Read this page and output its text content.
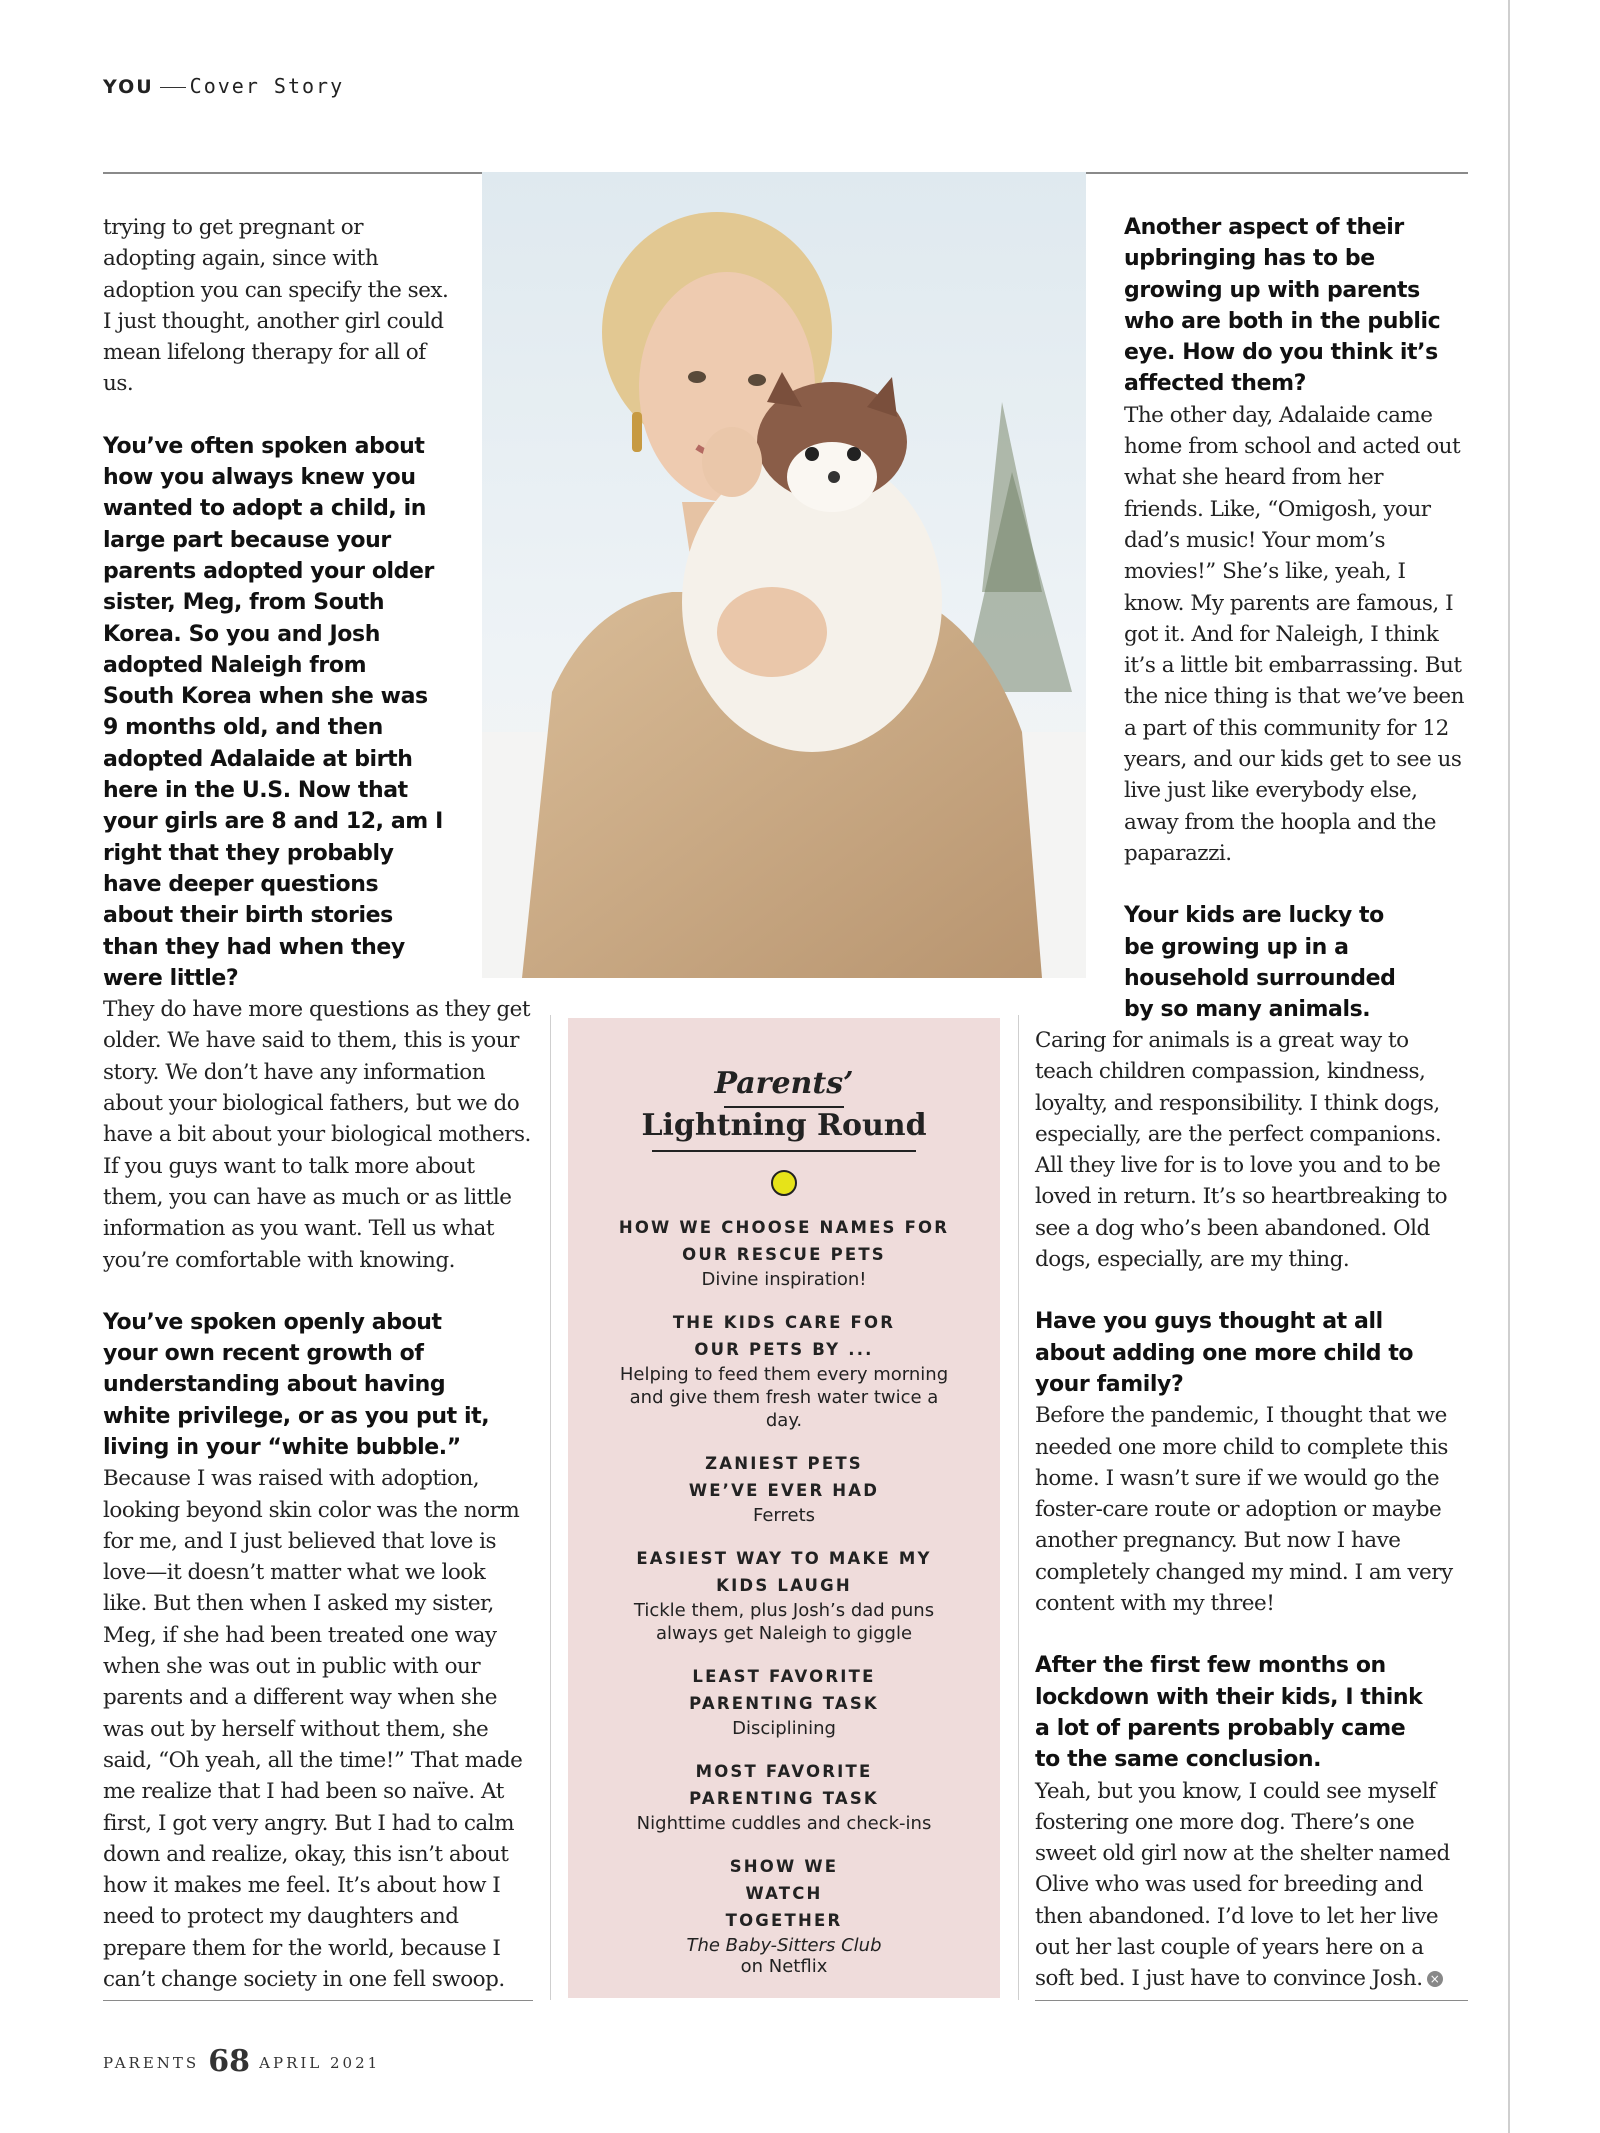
YOU Cover Story

trying to get pregnant or adopting again, since with adoption you can specify the sex. I just thought, another girl could mean lifelong therapy for all of us.

You’ve often spoken about how you always knew you wanted to adopt a child, in large part because your parents adopted your older sister, Meg, from South Korea. So you and Josh adopted Naleigh from South Korea when she was 9 months old, and then adopted Adalaide at birth here in the U.S. Now that your girls are 8 and 12, am I right that they probably have deeper questions about their birth stories than they had when they were little?

They do have more questions as they get older. We have said to them, this is your story. We don’t have any information about your biological fathers, but we do have a bit about your biological mothers. If you guys want to talk more about them, you can have as much or as little information as you want. Tell us what you’re comfortable with knowing.

You’ve spoken openly about your own recent growth of understanding about having white privilege, or as you put it, living in your “white bubble.”

Because I was raised with adoption, looking beyond skin color was the norm for me, and I just believed that love is love—it doesn’t matter what we look like. But then when I asked my sister, Meg, if she had been treated one way when she was out in public with our parents and a different way when she was out by herself without them, she said, “Oh yeah, all the time!” That made me realize that I had been so naïve. At first, I got very angry. But I had to calm down and realize, okay, this isn’t about how it makes me feel. It’s about how I need to protect my daughters and prepare them for the world, because I can’t change society in one fell swoop.

Another aspect of their upbringing has to be growing up with parents who are both in the public eye. How do you think it’s affected them?

The other day, Adalaide came home from school and acted out what she heard from her friends. Like, “Omigosh, your dad’s music! Your mom’s movies!” She’s like, yeah, I know. My parents are famous, I got it. And for Naleigh, I think it’s a little bit embarrassing. But the nice thing is that we’ve been a part of this community for 12 years, and our kids get to see us live just like everybody else, away from the hoopla and the paparazzi.

Your kids are lucky to be growing up in a household surrounded by so many animals.

Caring for animals is a great way to teach children compassion, kindness, loyalty, and responsibility. I think dogs, especially, are the perfect companions. All they live for is to love you and to be loved in return. It’s so heartbreaking to see a dog who’s been abandoned. Old dogs, especially, are my thing.

Have you guys thought at all about adding one more child to your family?

Before the pandemic, I thought that we needed one more child to complete this home. I wasn’t sure if we would go the foster-care route or adoption or maybe another pregnancy. But now I have completely changed my mind. I am very content with my three!

After the first few months on lockdown with their kids, I think a lot of parents probably came to the same conclusion.

Yeah, but you know, I could see myself fostering one more dog. There’s one sweet old girl now at the shelter named Olive who was used for breeding and then abandoned. I’d love to let her live out her last couple of years here on a soft bed. I just have to convince Josh. ×

Parents’
Lightning Round
HOW WE CHOOSE NAMES FOR OUR RESCUE PETS
Divine inspiration!
THE KIDS CARE FOR OUR PETS BY ...
Helping to feed them every morning and give them fresh water twice a day.
ZANIEST PETS WE’VE EVER HAD
Ferrets
EASIEST WAY TO MAKE MY KIDS LAUGH
Tickle them, plus Josh’s dad puns always get Naleigh to giggle
LEAST FAVORITE PARENTING TASK
Disciplining
MOST FAVORITE PARENTING TASK
Nighttime cuddles and check-ins
SHOW WE WATCH TOGETHER
The Baby-Sitters Club
on Netflix
PARENTS 68 APRIL 2021
